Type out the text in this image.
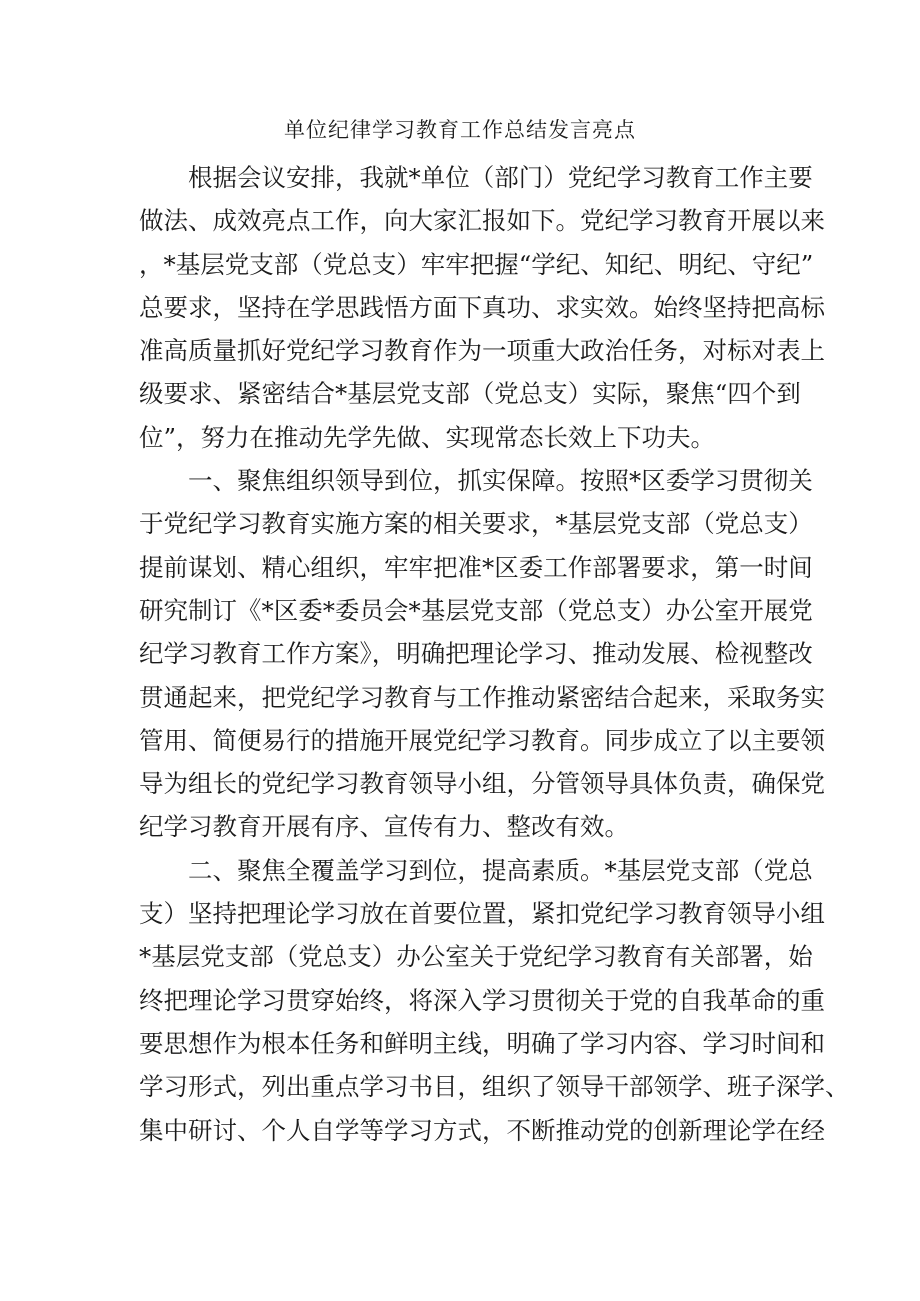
单位纪律学习教育工作总结发言亮点
根据会议安排，我就*单位（部门）党纪学习教育工作主要
做法、成效亮点工作，向大家汇报如下。党纪学习教育开展以来
，*基层党支部（党总支）牢牢把握“学纪、知纪、明纪、守纪”
总要求，坚持在学思践悟方面下真功、求实效。始终坚持把高标
准高质量抓好党纪学习教育作为一项重大政治任务，对标对表上
级要求、紧密结合*基层党支部（党总支）实际，聚焦“四个到
位”，努力在推动先学先做、实现常态长效上下功夫。
一、聚焦组织领导到位，抓实保障。按照*区委学习贯彻关
于党纪学习教育实施方案的相关要求，*基层党支部（党总支）
提前谋划、精心组织，牢牢把准*区委工作部署要求，第一时间
研究制订《*区委*委员会*基层党支部（党总支）办公室开展党
纪学习教育工作方案》，明确把理论学习、推动发展、检视整改
贯通起来，把党纪学习教育与工作推动紧密结合起来，采取务实
管用、简便易行的措施开展党纪学习教育。同步成立了以主要领
导为组长的党纪学习教育领导小组，分管领导具体负责，确保党
纪学习教育开展有序、宣传有力、整改有效。
二、聚焦全覆盖学习到位，提高素质。*基层党支部（党总
支）坚持把理论学习放在首要位置，紧扣党纪学习教育领导小组
*基层党支部（党总支）办公室关于党纪学习教育有关部署，始
终把理论学习贯穿始终，将深入学习贯彻关于党的自我革命的重
要思想作为根本任务和鲜明主线，明确了学习内容、学习时间和
学习形式，列出重点学习书目，组织了领导干部领学、班子深学、
集中研讨、个人自学等学习方式，不断推动党的创新理论学在经
